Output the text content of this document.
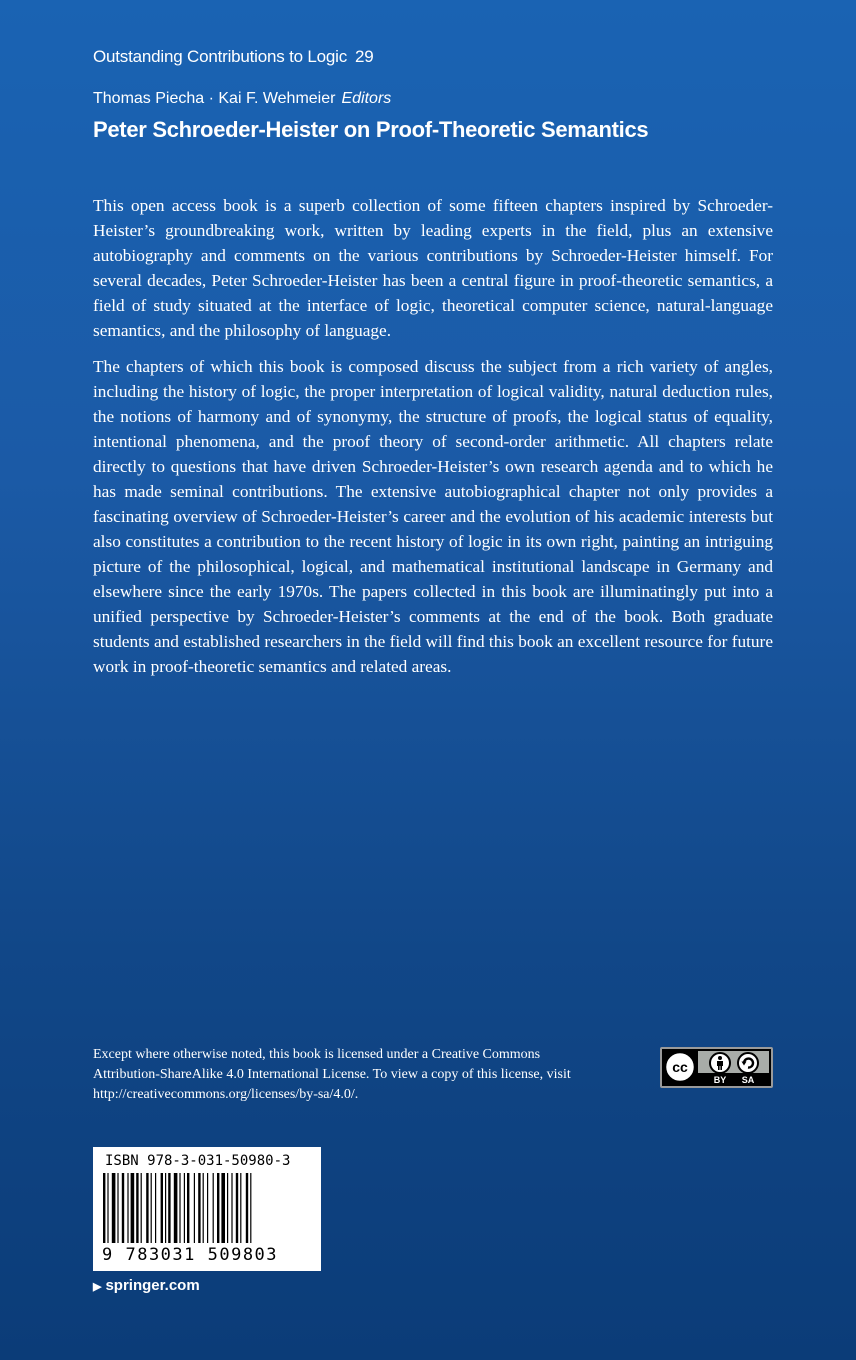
Outstanding Contributions to Logic 29
Thomas Piecha · Kai F. Wehmeier Editors
Peter Schroeder-Heister on Proof-Theoretic Semantics

This open access book is a superb collection of some fifteen chapters inspired by Schroeder-Heister’s groundbreaking work, written by leading experts in the field, plus an extensive autobiography and comments on the various contributions by Schroeder-Heister himself. For several decades, Peter Schroeder-Heister has been a central figure in proof-theoretic semantics, a field of study situated at the interface of logic, theoretical computer science, natural-language semantics, and the philosophy of language.

The chapters of which this book is composed discuss the subject from a rich variety of angles, including the history of logic, the proper interpretation of logical validity, natural deduction rules, the notions of harmony and of synonymy, the structure of proofs, the logical status of equality, intentional phenomena, and the proof theory of second-order arithmetic. All chapters relate directly to questions that have driven Schroeder-Heister’s own research agenda and to which he has made seminal contributions. The extensive autobiographical chapter not only provides a fascinating overview of Schroeder-Heister’s career and the evolution of his academic interests but also constitutes a contribution to the recent history of logic in its own right, painting an intriguing picture of the philosophical, logical, and mathematical institutional landscape in Germany and elsewhere since the early 1970s. The papers collected in this book are illuminatingly put into a unified perspective by Schroeder-Heister’s comments at the end of the book. Both graduate students and established researchers in the field will find this book an excellent resource for future work in proof-theoretic semantics and related areas.

Except where otherwise noted, this book is licensed under a Creative Commons Attribution-ShareAlike 4.0 International License. To view a copy of this license, visit http://creativecommons.org/licenses/by-sa/4.0/.
cc
BY SA
ISBN 978-3-031-50980-3
9 783031 509803
▶ springer.com
